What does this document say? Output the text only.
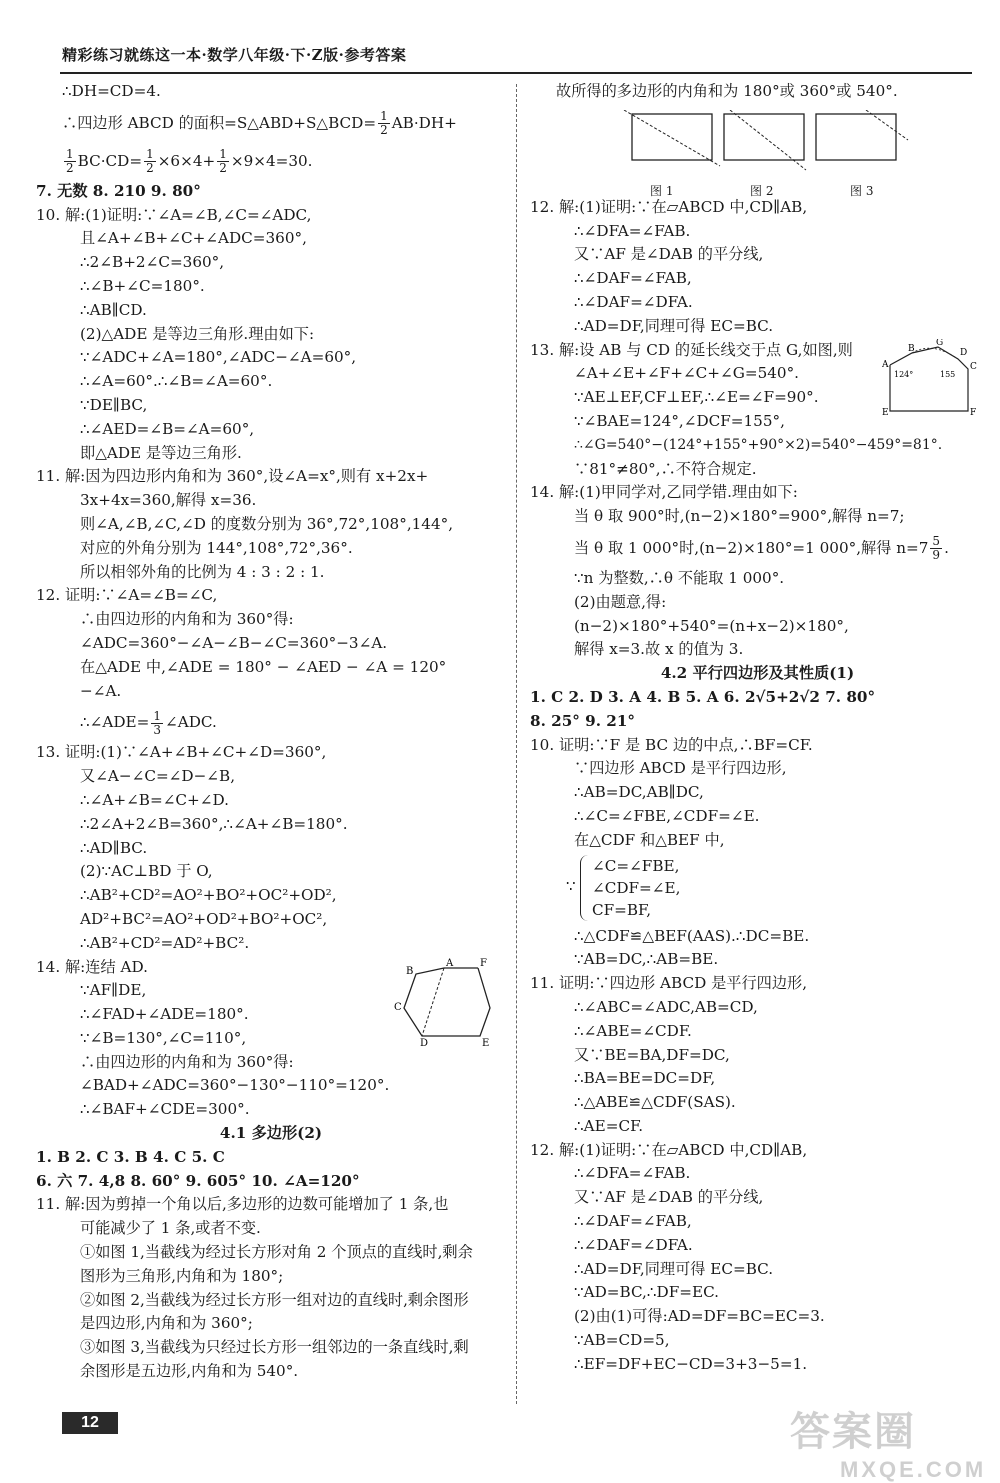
精彩练习就练这一本·数学八年级·下·Z版·参考答案
∴DH=CD=4.
∴四边形 ABCD 的面积=S△ABD+S△BCD= $\frac{1}{2} AB\cdot DH+$
$\frac{1}{2} BC\cdot CD= \frac{1}{2} \times 6\times 4+ \frac{1}{2} \times 9\times 4=30$.
7. 无数 8. 210 9. 80°
10. 解:(1)证明:∵∠A=∠B,∠C=∠ADC,
且∠A+∠B+∠C+∠ADC=360°,
∴2∠B+2∠C=360°,
∴∠B+∠C=180°.
∴AB∥CD.
(2)△ADE 是等边三角形.理由如下:
∵∠ADC+∠A=180°,∠ADC−∠A=60°,
∴∠A=60°.∴∠B=∠A=60°.
∵DE∥BC,
∴∠AED=∠B=∠A=60°,
即△ADE 是等边三角形.
11. 解:因为四边形内角和为 360°,设∠A=x°,则有 x+2x+
3x+4x=360,解得 x=36.
则∠A,∠B,∠C,∠D 的度数分别为 36°,72°,108°,144°,
对应的外角分别为 144°,108°,72°,36°.
所以相邻外角的比例为 4 : 3 : 2 : 1.
12. 证明:∵∠A=∠B=∠C,
∴由四边形的内角和为 360°得:
∠ADC=360°−∠A−∠B−∠C=360°−3∠A.
在△ADE 中,∠ADE = 180° − ∠AED − ∠A = 120°
−∠A.
∴∠ADE= $\frac{1}{3}$ ∠ADC.
13. 证明:(1)∵∠A+∠B+∠C+∠D=360°,
又∠A−∠C=∠D−∠B,
∴∠A+∠B=∠C+∠D.
∴2∠A+2∠B=360°,∴∠A+∠B=180°.
∴AD∥BC.
(2)∵AC⊥BD 于 O,
∴AB²+CD²=AO²+BO²+OC²+OD²,
AD²+BC²=AO²+OD²+BO²+OC²,
∴AB²+CD²=AD²+BC².
14. 解:连结 AD.
∵AF∥DE,
∴∠FAD+∠ADE=180°.
∵∠B=130°,∠C=110°,
∴由四边形的内角和为 360°得:
∠BAD+∠ADC=360°−130°−110°=120°.
∴∠BAF+∠CDE=300°.
A
B
C
D	E
F
4.1 多边形(2)
1. B 2. C 3. B 4. C 5. C
6. 六 7. 4,8 8. 60° 9. 605° 10. ∠A=120°
11. 解:因为剪掉一个角以后,多边形的边数可能增加了 1 条,也
可能减少了 1 条,或者不变.
①如图 1,当截线为经过长方形对角 2 个顶点的直线时,剩余
图形为三角形,内角和为 180°;
②如图 2,当截线为经过长方形一组对边的直线时,剩余图形
是四边形,内角和为 360°;
③如图 3,当截线为只经过长方形一组邻边的一条直线时,剩
余图形是五边形,内角和为 540°.
故所得的多边形的内角和为 180°或 360°或 540°.
图 1	图 2	图 3
12. 解:(1)证明:∵在▱ABCD 中,CD∥AB,
∴∠DFA=∠FAB.
又∵AF 是∠DAB 的平分线,
∴∠DAF=∠FAB,
∴∠DAF=∠DFA.
∴AD=DF,同理可得 EC=BC.
13. 解:设 AB 与 CD 的延长线交于点 G,如图,则
∠A+∠E+∠F+∠C+∠G=540°.
∵AE⊥EF,CF⊥EF,∴∠E=∠F=90°.
∵∠BAE=124°,∠DCF=155°,
∴∠G=540°−(124°+155°+90°×2)=540°−459°=81°.
∵81°≠80°,∴不符合规定.
G
B	D
A	C
E	F
124°	155
14. 解:(1)甲同学对,乙同学错.理由如下:
当 θ 取 900°时,(n−2)×180°=900°,解得 n=7;
当 θ 取 1 000°时,(n−2)×180°=1 000°,解得 $n=7 \frac{5}{9}$ .
∵n 为整数,∴θ 不能取 1 000°.
(2)由题意,得:
(n−2)×180°+540°=(n+x−2)×180°,
解得 x=3.故 x 的值为 3.
4.2 平行四边形及其性质(1)
1. C 2. D 3. A 4. B 5. A 6. 2√5+2√2 7. 80°
8. 25° 9. 21°
10. 证明:∵F 是 BC 边的中点,∴BF=CF.
∵四边形 ABCD 是平行四边形,
∴AB=DC,AB∥DC,
∴∠C=∠FBE,∠CDF=∠E.
在△CDF 和△BEF 中,
∵
∠C=∠FBE,
∠CDF=∠E,
CF=BF,
∴△CDF≌△BEF(AAS).∴DC=BE.
∵AB=DC,∴AB=BE.
11. 证明:∵四边形 ABCD 是平行四边形,
∴∠ABC=∠ADC,AB=CD,
∴∠ABE=∠CDF.
又∵BE=BA,DF=DC,
∴BA=BE=DC=DF,
∴△ABE≌△CDF(SAS).
∴AE=CF.
12. 解:(1)证明:∵在▱ABCD 中,CD∥AB,
∴∠DFA=∠FAB.
又∵AF 是∠DAB 的平分线,
∴∠DAF=∠FAB,
∴∠DAF=∠DFA.
∴AD=DF,同理可得 EC=BC.
∵AD=BC,∴DF=EC.
(2)由(1)可得:AD=DF=BC=EC=3.
∵AB=CD=5,
∴EF=DF+EC−CD=3+3−5=1.
12	答案圈
MXQE.COM
